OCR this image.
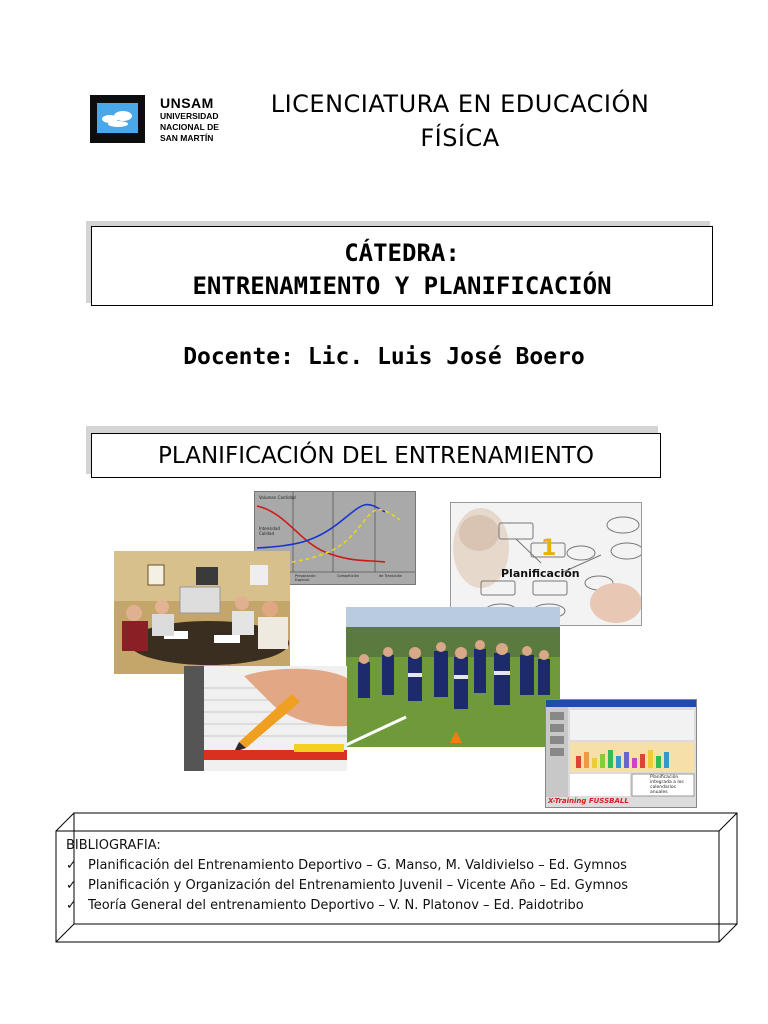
UNSAM
UNIVERSIDAD
NACIONAL DE
SAN MARTÍN
LICENCIATURA EN EDUCACIÓN
FÍSÍCA
CÁTEDRA:
ENTRENAMIENTO Y PLANIFICACIÓN
Docente: Lic. Luis José Boero
PLANIFICACIÓN DEL ENTRENAMIENTO
Volumen Cantidad
Intensidad Calidad
Preparación Especial
Competición	de Transición
1
Planificación
Planificación
integrada a los
calendarios anuales
X-Training FUSSBALL
BIBLIOGRAFIA:
✓ Planificación del Entrenamiento Deportivo – G. Manso, M. Valdivielso – Ed. Gymnos
✓ Planificación y Organización del Entrenamiento Juvenil – Vicente Año – Ed. Gymnos
✓ Teoría General del entrenamiento Deportivo – V. N. Platonov – Ed. Paidotribo
